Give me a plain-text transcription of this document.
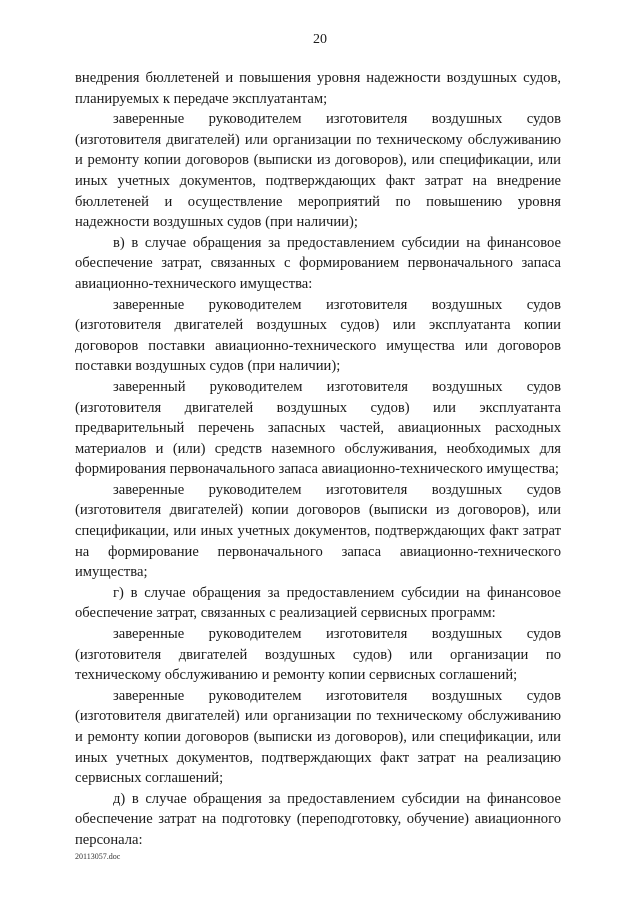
20

внедрения бюллетеней и повышения уровня надежности воздушных судов, планируемых к передаче эксплуатантам;

заверенные руководителем изготовителя воздушных судов (изготовителя двигателей) или организации по техническому обслуживанию и ремонту копии договоров (выписки из договоров), или спецификации, или иных учетных документов, подтверждающих факт затрат на внедрение бюллетеней и осуществление мероприятий по повышению уровня надежности воздушных судов (при наличии);

в) в случае обращения за предоставлением субсидии на финансовое обеспечение затрат, связанных с формированием первоначального запаса авиационно-технического имущества:

заверенные руководителем изготовителя воздушных судов (изготовителя двигателей воздушных судов) или эксплуатанта копии договоров поставки авиационно-технического имущества или договоров поставки воздушных судов (при наличии);

заверенный руководителем изготовителя воздушных судов (изготовителя двигателей воздушных судов) или эксплуатанта предварительный перечень запасных частей, авиационных расходных материалов и (или) средств наземного обслуживания, необходимых для формирования первоначального запаса авиационно-технического имущества;

заверенные руководителем изготовителя воздушных судов (изготовителя двигателей) копии договоров (выписки из договоров), или спецификации, или иных учетных документов, подтверждающих факт затрат на формирование первоначального запаса авиационно-технического имущества;

г) в случае обращения за предоставлением субсидии на финансовое обеспечение затрат, связанных с реализацией сервисных программ:

заверенные руководителем изготовителя воздушных судов (изготовителя двигателей воздушных судов) или организации по техническому обслуживанию и ремонту копии сервисных соглашений;

заверенные руководителем изготовителя воздушных судов (изготовителя двигателей) или организации по техническому обслуживанию и ремонту копии договоров (выписки из договоров), или спецификации, или иных учетных документов, подтверждающих факт затрат на реализацию сервисных соглашений;

д) в случае обращения за предоставлением субсидии на финансовое обеспечение затрат на подготовку (переподготовку, обучение) авиационного персонала:

20113057.doc
